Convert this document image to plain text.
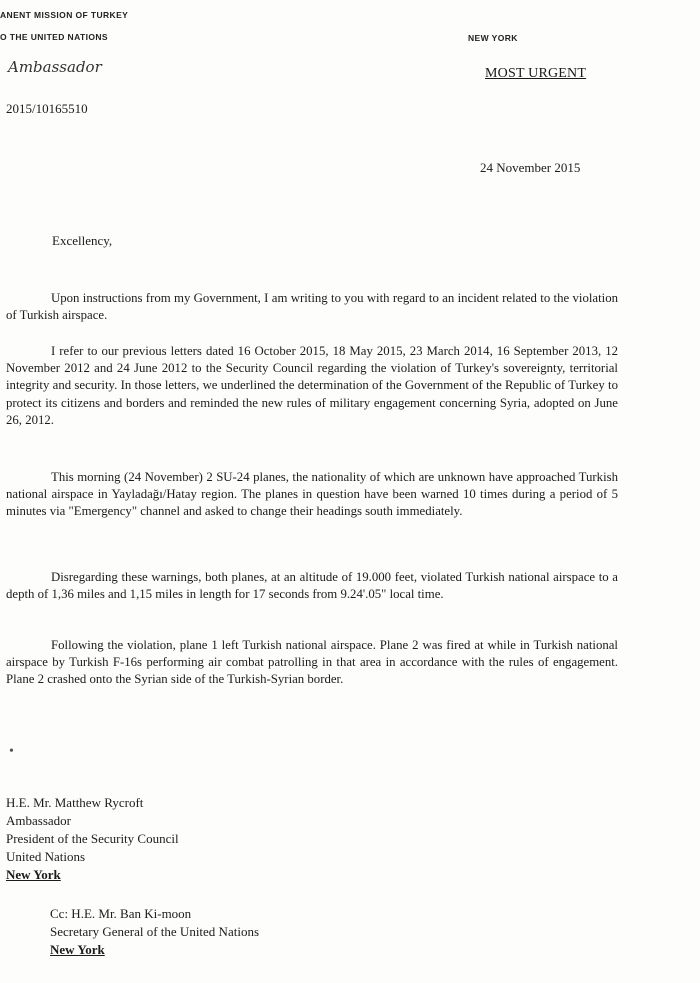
ANENT MISSION OF TURKEY
O THE UNITED NATIONS
Ambassador
NEW YORK
MOST URGENT
2015/10165510
24 November 2015
Excellency,
Upon instructions from my Government, I am writing to you with regard to an incident related to the violation of Turkish airspace.
I refer to our previous letters dated 16 October 2015, 18 May 2015, 23 March 2014, 16 September 2013, 12 November 2012 and 24 June 2012 to the Security Council regarding the violation of Turkey's sovereignty, territorial integrity and security. In those letters, we underlined the determination of the Government of the Republic of Turkey to protect its citizens and borders and reminded the new rules of military engagement concerning Syria, adopted on June 26, 2012.
This morning (24 November) 2 SU-24 planes, the nationality of which are unknown have approached Turkish national airspace in Yayladağı/Hatay region. The planes in question have been warned 10 times during a period of 5 minutes via "Emergency" channel and asked to change their headings south immediately.
Disregarding these warnings, both planes, at an altitude of 19.000 feet, violated Turkish national airspace to a depth of 1,36 miles and 1,15 miles in length for 17 seconds from 9.24'.05" local time.
Following the violation, plane 1 left Turkish national airspace. Plane 2 was fired at while in Turkish national airspace by Turkish F-16s performing air combat patrolling in that area in accordance with the rules of engagement. Plane 2 crashed onto the Syrian side of the Turkish-Syrian border.
•
H.E. Mr. Matthew Rycroft
Ambassador
President of the Security Council
United Nations
New York
Cc: H.E. Mr. Ban Ki-moon
Secretary General of the United Nations
New York
